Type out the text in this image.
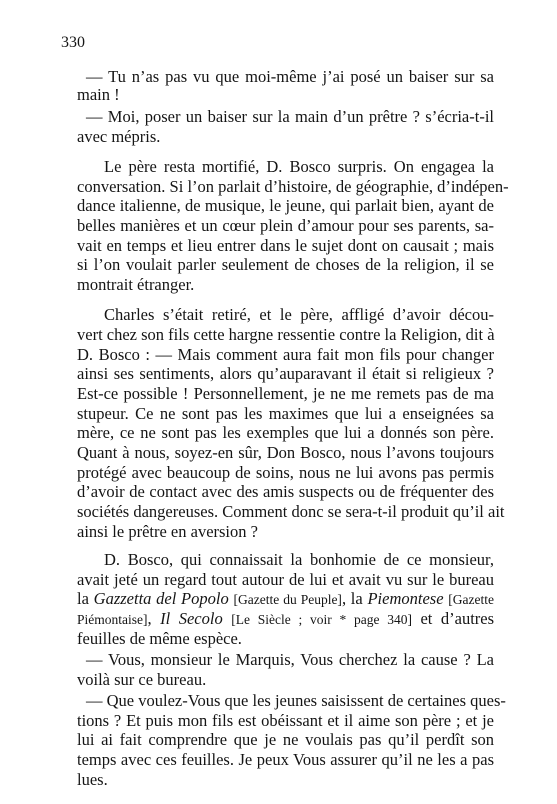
330
— Tu n’as pas vu que moi-même j’ai posé un baiser sur sa
main !
— Moi, poser un baiser sur la main d’un prêtre ? s’écria-t-il
avec mépris.
Le père resta mortifié, D. Bosco surpris. On engagea la
conversation. Si l’on parlait d’histoire, de géographie, d’indépen-
dance italienne, de musique, le jeune, qui parlait bien, ayant de
belles manières et un cœur plein d’amour pour ses parents, sa-
vait en temps et lieu entrer dans le sujet dont on causait ; mais
si l’on voulait parler seulement de choses de la religion, il se
montrait étranger.
Charles s’était retiré, et le père, affligé d’avoir décou-
vert chez son fils cette hargne ressentie contre la Religion, dit à
D. Bosco : — Mais comment aura fait mon fils pour changer
ainsi ses sentiments, alors qu’auparavant il était si religieux ?
Est-ce possible ! Personnellement, je ne me remets pas de ma
stupeur. Ce ne sont pas les maximes que lui a enseignées sa
mère, ce ne sont pas les exemples que lui a donnés son père.
Quant à nous, soyez-en sûr, Don Bosco, nous l’avons toujours
protégé avec beaucoup de soins, nous ne lui avons pas permis
d’avoir de contact avec des amis suspects ou de fréquenter des
sociétés dangereuses. Comment donc se sera-t-il produit qu’il ait
ainsi le prêtre en aversion ?
D. Bosco, qui connaissait la bonhomie de ce monsieur,
avait jeté un regard tout autour de lui et avait vu sur le bureau
la Gazzetta del Popolo [Gazette du Peuple], la Piemontese [Gazette
Piémontaise], Il Secolo [Le Siècle ; voir * page 340] et d’autres
feuilles de même espèce.
— Vous, monsieur le Marquis, Vous cherchez la cause ? La
voilà sur ce bureau.
— Que voulez-Vous que les jeunes saisissent de certaines ques-
tions ? Et puis mon fils est obéissant et il aime son père ; et je
lui ai fait comprendre que je ne voulais pas qu’il perdît son
temps avec ces feuilles. Je peux Vous assurer qu’il ne les a pas
lues.
